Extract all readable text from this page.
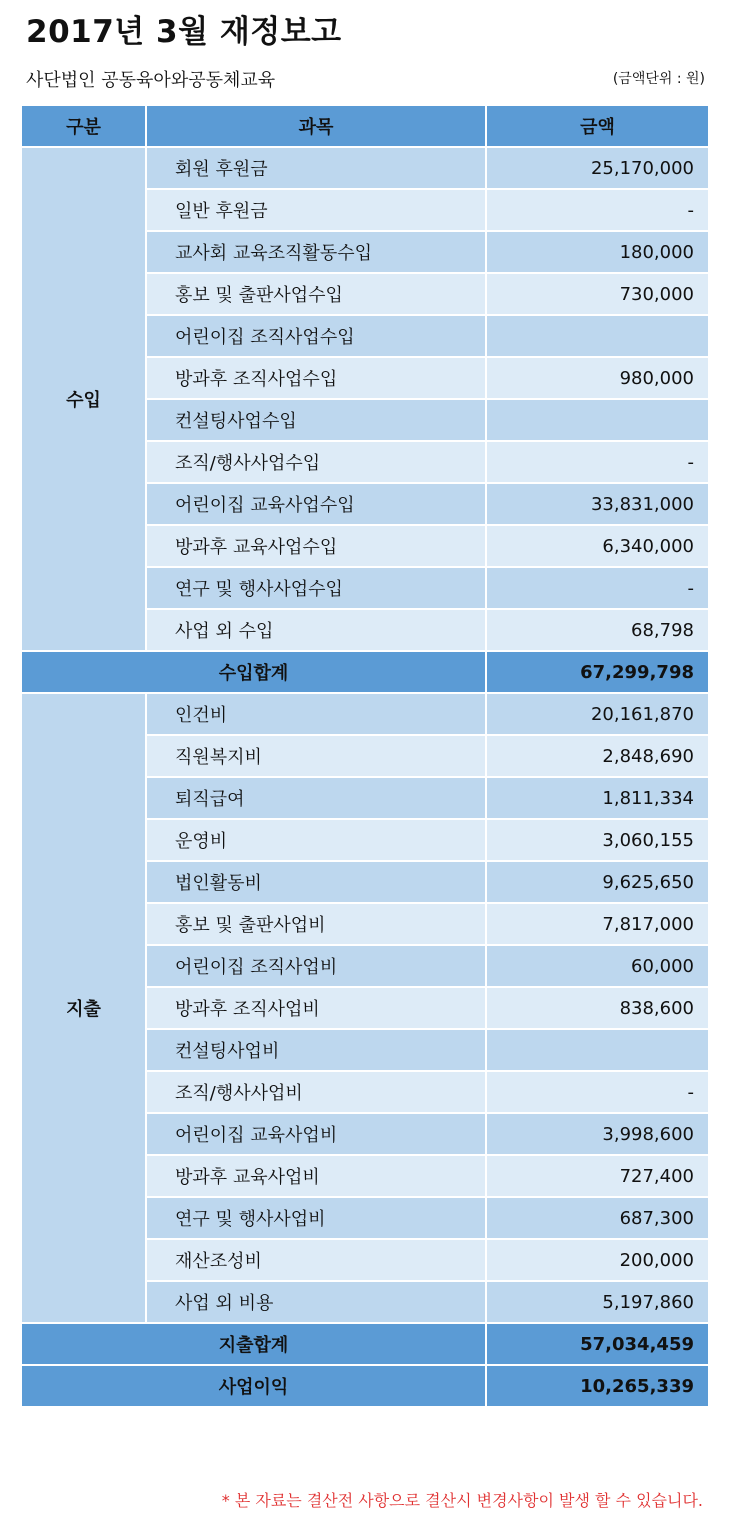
2017년 3월 재정보고
사단법인 공동육아와공동체교육	(금액단위 : 원)
구분	과목	금액
수입	회원 후원금	25,170,000
	일반 후원금	-
	교사회 교육조직활동수입	180,000
	홍보 및 출판사업수입	730,000
	어린이집 조직사업수입	
	방과후 조직사업수입	980,000
	컨설팅사업수입	
	조직/행사사업수입	-
	어린이집 교육사업수입	33,831,000
	방과후 교육사업수입	6,340,000
	연구 및 행사사업수입	-
	사업 외 수입	68,798
수입합계		67,299,798
지출	인건비	20,161,870
	직원복지비	2,848,690
	퇴직급여	1,811,334
	운영비	3,060,155
	법인활동비	9,625,650
	홍보 및 출판사업비	7,817,000
	어린이집 조직사업비	60,000
	방과후 조직사업비	838,600
	컨설팅사업비	
	조직/행사사업비	-
	어린이집 교육사업비	3,998,600
	방과후 교육사업비	727,400
	연구 및 행사사업비	687,300
	재산조성비	200,000
	사업 외 비용	5,197,860
지출합계		57,034,459
사업이익		10,265,339
* 본 자료는 결산전 사항으로 결산시 변경사항이 발생 할 수 있습니다.
